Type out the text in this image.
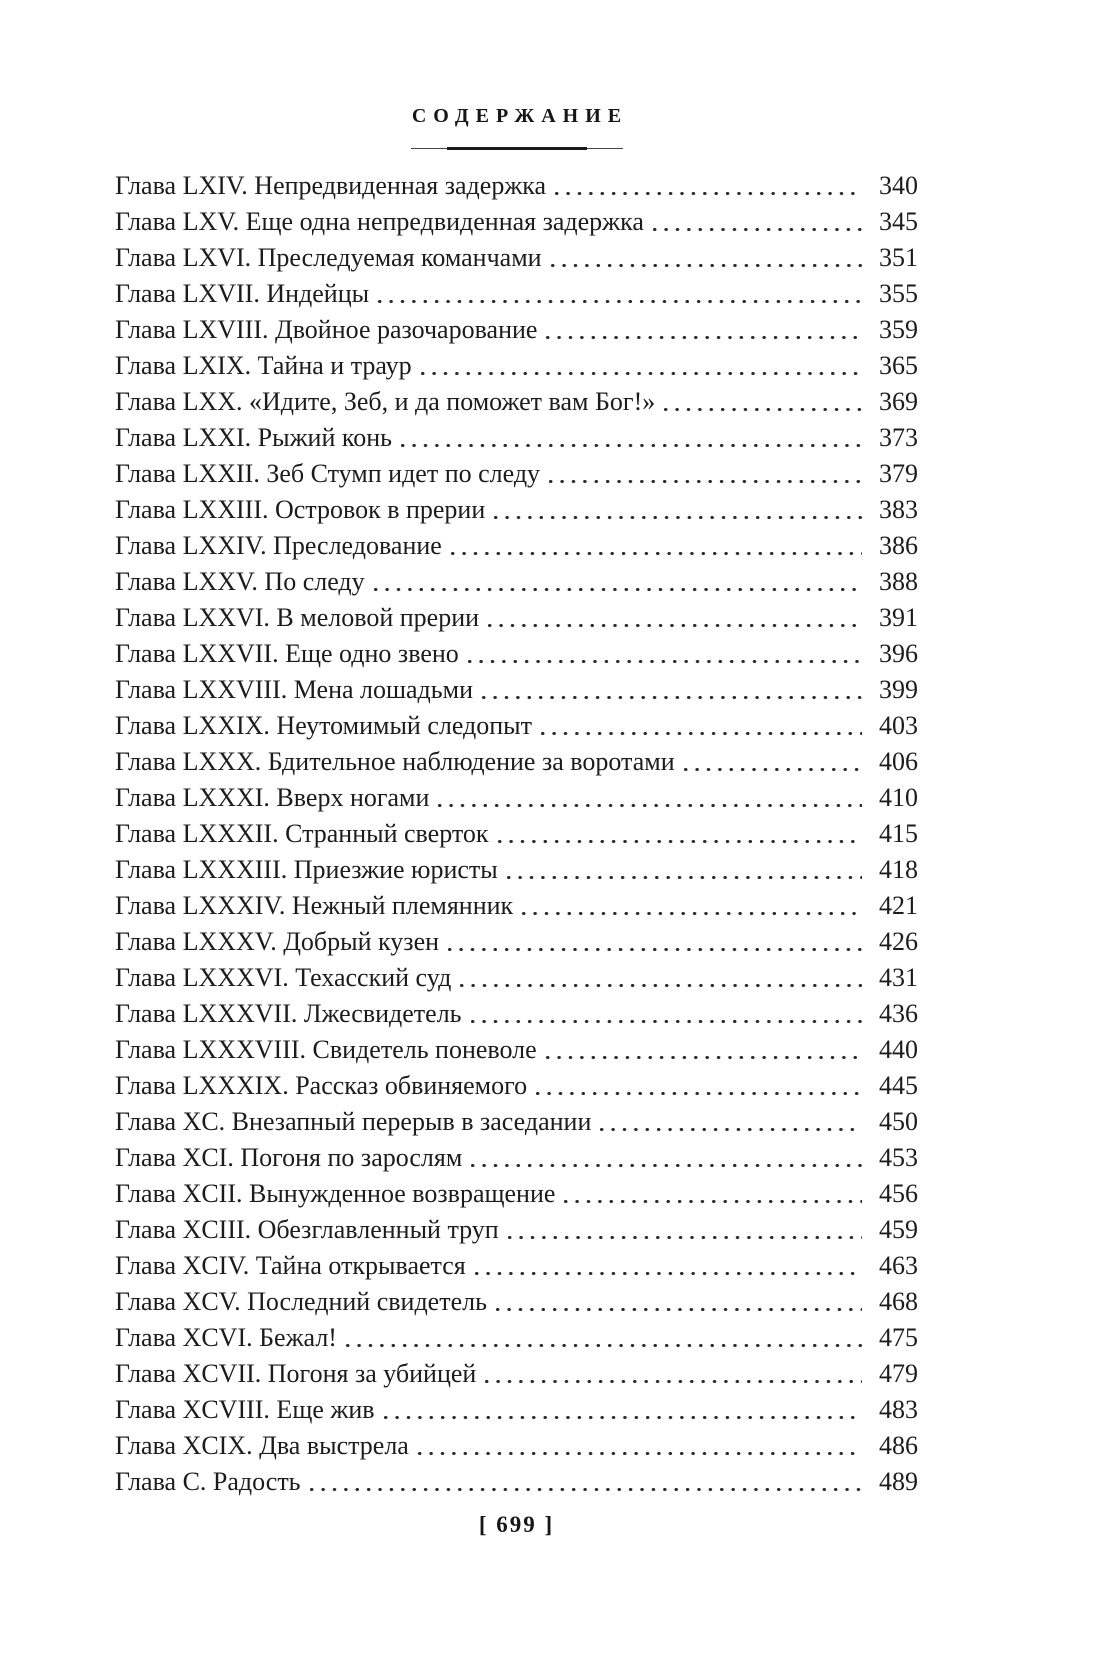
СОДЕРЖАНИЕ
Глава LXIV. Непредвиденная задержка	340
Глава LXV. Еще одна непредвиденная задержка	345
Глава LXVI. Преследуемая команчами	351
Глава LXVII. Индейцы	355
Глава LXVIII. Двойное разочарование	359
Глава LXIX. Тайна и траур	365
Глава LXX. «Идите, Зеб, и да поможет вам Бог!»	369
Глава LXXI. Рыжий конь	373
Глава LXXII. Зеб Стумп идет по следу	379
Глава LXXIII. Островок в прерии	383
Глава LXXIV. Преследование	386
Глава LXXV. По следу	388
Глава LXXVI. В меловой прерии	391
Глава LXXVII. Еще одно звено	396
Глава LXXVIII. Мена лошадьми	399
Глава LXXIX. Неутомимый следопыт	403
Глава LXXX. Бдительное наблюдение за воротами	406
Глава LXXXI. Вверх ногами	410
Глава LXXXII. Странный сверток	415
Глава LXXXIII. Приезжие юристы	418
Глава LXXXIV. Нежный племянник	421
Глава LXXXV. Добрый кузен	426
Глава LXXXVI. Техасский суд	431
Глава LXXXVII. Лжесвидетель	436
Глава LXXXVIII. Свидетель поневоле	440
Глава LXXXIX. Рассказ обвиняемого	445
Глава XC. Внезапный перерыв в заседании	450
Глава XCI. Погоня по зарослям	453
Глава XCII. Вынужденное возвращение	456
Глава XCIII. Обезглавленный труп	459
Глава XCIV. Тайна открывается	463
Глава XCV. Последний свидетель	468
Глава XCVI. Бежал!	475
Глава XCVII. Погоня за убийцей	479
Глава XCVIII. Еще жив	483
Глава XCIX. Два выстрела	486
Глава C. Радость	489
[ 699 ]
